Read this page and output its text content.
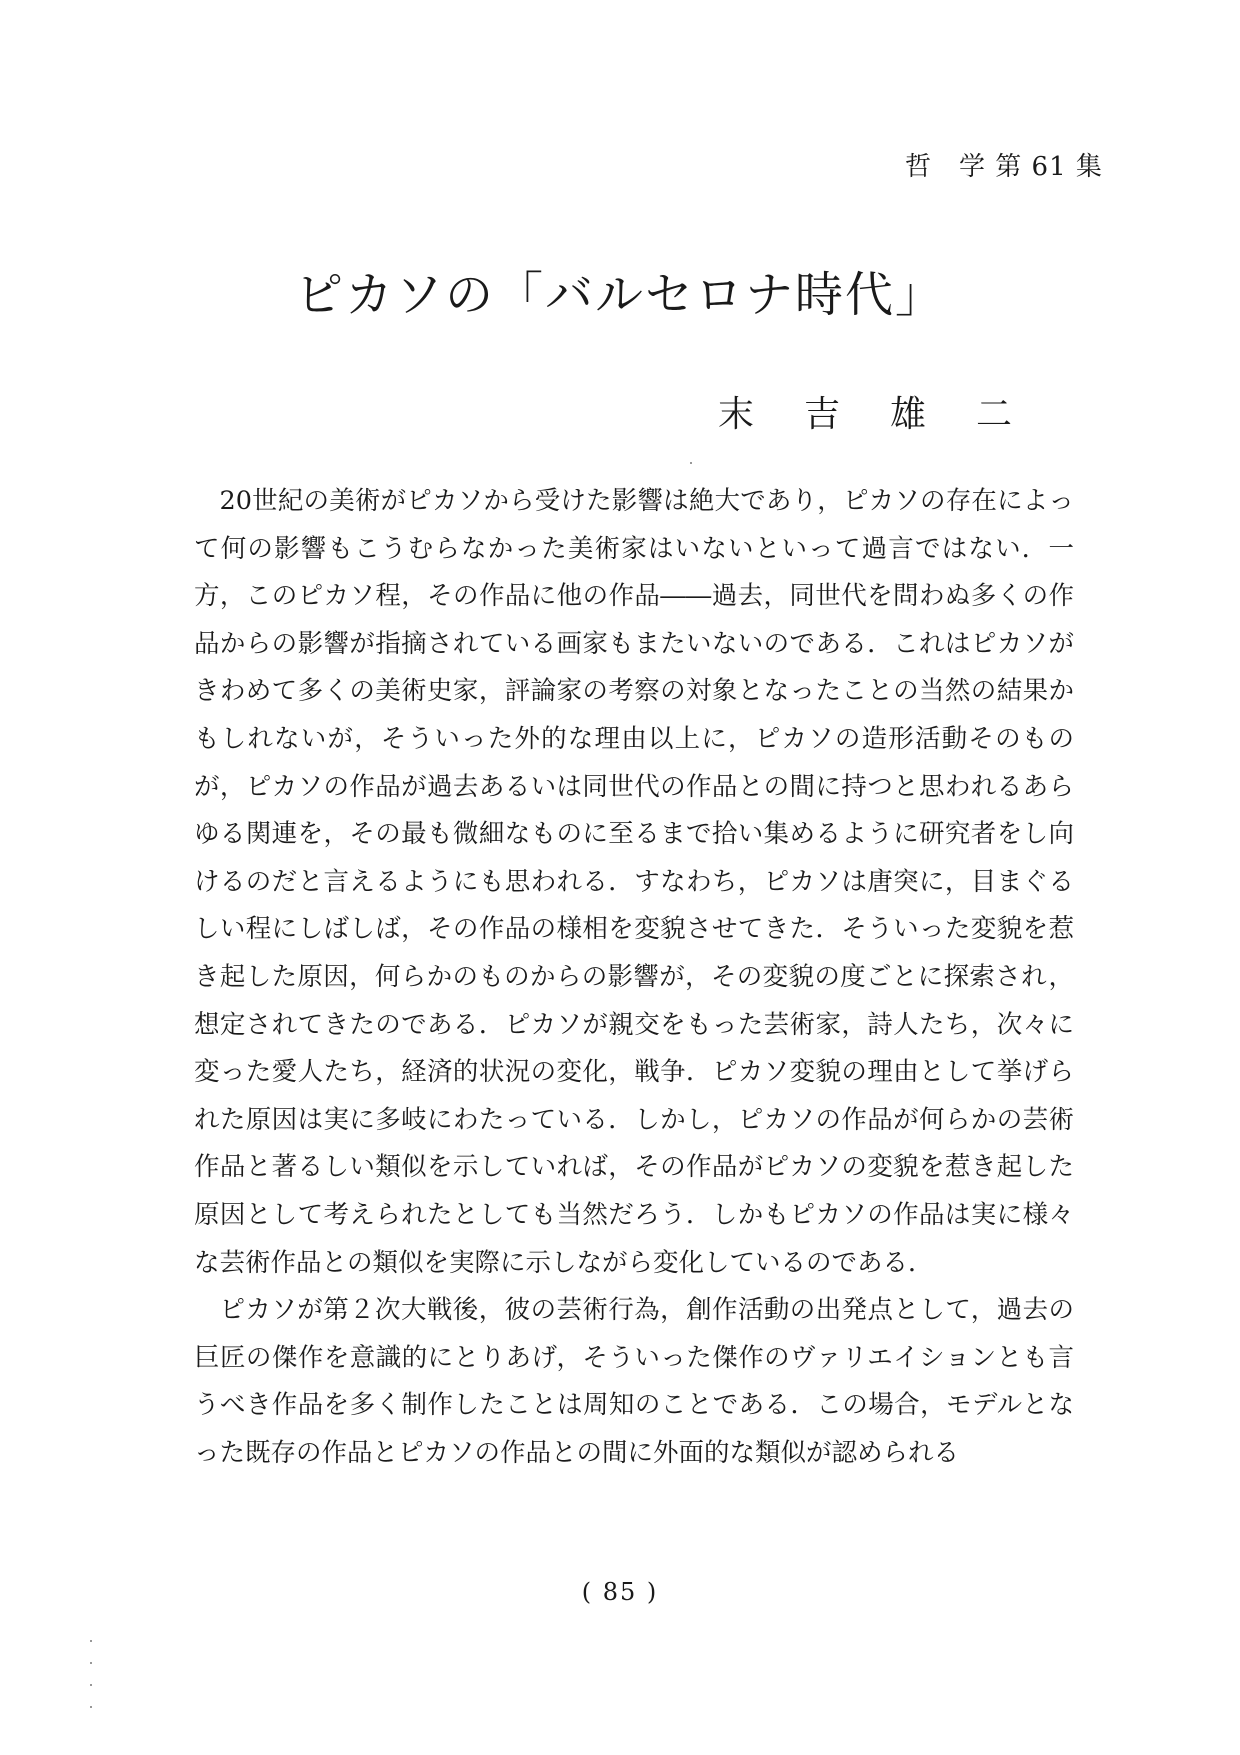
哲　学 第 61 集
ピカソの「バルセロナ時代」
末吉雄二

20世紀の美術がピカソから受けた影響は絶大であり，ピカソの存在によって何の影響もこうむらなかった美術家はいないといって過言ではない．一方，このピカソ程，その作品に他の作品――過去，同世代を問わぬ多くの作品からの影響が指摘されている画家もまたいないのである．これはピカソがきわめて多くの美術史家，評論家の考察の対象となったことの当然の結果かもしれないが，そういった外的な理由以上に，ピカソの造形活動そのものが，ピカソの作品が過去あるいは同世代の作品との間に持つと思われるあらゆる関連を，その最も微細なものに至るまで拾い集めるように研究者をし向けるのだと言えるようにも思われる．すなわち，ピカソは唐突に，目まぐるしい程にしばしば，その作品の様相を変貌させてきた．そういった変貌を惹き起した原因，何らかのものからの影響が，その変貌の度ごとに探索され，想定されてきたのである．ピカソが親交をもった芸術家，詩人たち，次々に変った愛人たち，経済的状況の変化，戦争．ピカソ変貌の理由として挙げられた原因は実に多岐にわたっている．しかし，ピカソの作品が何らかの芸術作品と著るしい類似を示していれば，その作品がピカソの変貌を惹き起した原因として考えられたとしても当然だろう．しかもピカソの作品は実に様々な芸術作品との類似を実際に示しながら変化しているのである．

ピカソが第２次大戦後，彼の芸術行為，創作活動の出発点として，過去の巨匠の傑作を意識的にとりあげ，そういった傑作のヴァリエイションとも言うべき作品を多く制作したことは周知のことである．この場合，モデルとなった既存の作品とピカソの作品との間に外面的な類似が認められる

( 85 )
